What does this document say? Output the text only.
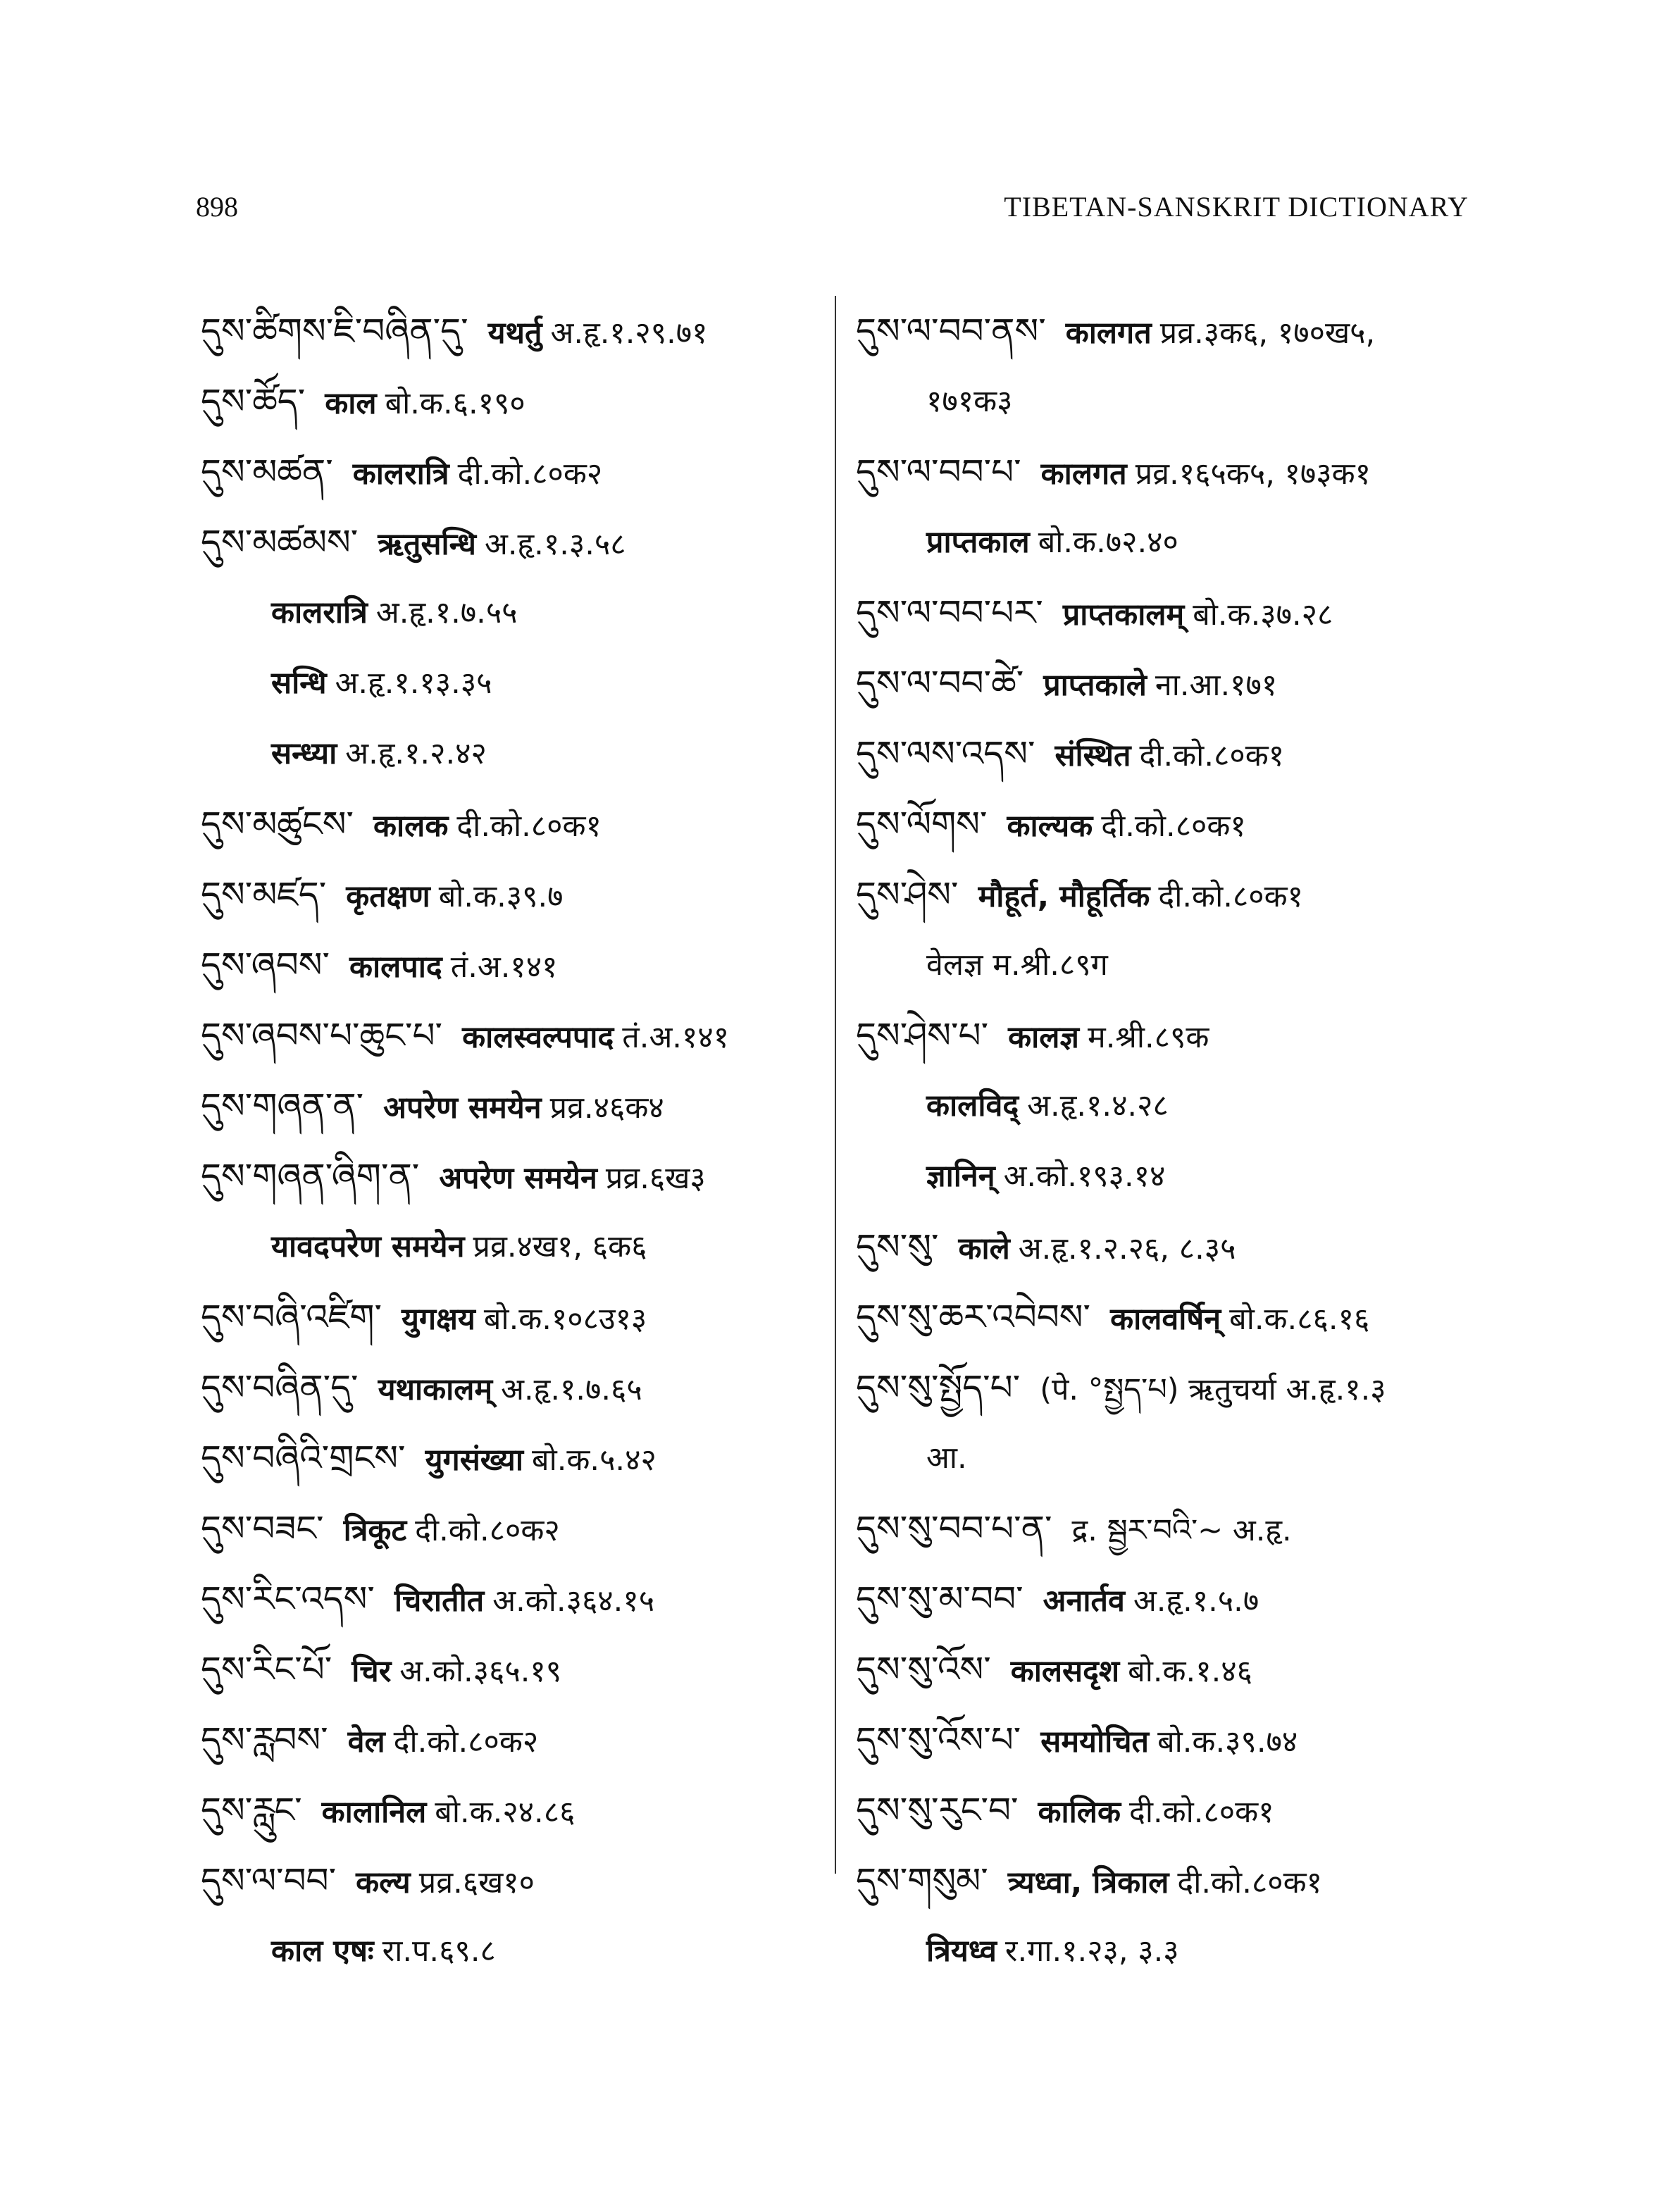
898	TIBETAN-SANSKRIT DICTIONARY
དུས་ཚིགས་ཇི་བཞིན་དུ་ यथर्तु अ.हृ.१.२९.७१
དུས་ཚོད་ काल बो.क.६.१९०
དུས་མཚན་ कालरात्रि दी.को.८०क२
དུས་མཚམས་ ऋतुसन्धि अ.हृ.१.३.५८
कालरात्रि अ.हृ.१.७.५५
सन्धि अ.हृ.१.१३.३५
सन्ध्या अ.हृ.१.२.४२
དུས་མཚུངས་ कालक दी.को.८०क१
དུས་མཛད་ कृतक्षण बो.क.३९.७
དུས་ཞབས་ कालपाद तं.अ.१४१
དུས་ཞབས་པ་ཆུང་པ་ कालस्वल्पपाद तं.अ.१४१
དུས་གཞན་ན་ अपरेण समयेन प्रव्र.४६क४
དུས་གཞན་ཞིག་ན་ अपरेण समयेन प्रव्र.६ख३
यावदपरेण समयेन प्रव्र.४ख१, ६क६
དུས་བཞི་འཛིག་ युगक्षय बो.क.१०८उ१३
དུས་བཞིན་དུ་ यथाकालम् अ.हृ.१.७.६५
དུས་བཞིའི་གྲངས་ युगसंख्या बो.क.५.४२
དུས་བཟང་ त्रिकूट दी.को.८०क२
དུས་རིང་འདས་ चिरातीत अ.को.३६४.१५
དུས་རིང་པོ་ चिर अ.को.३६५.१९
དུས་རླབས་ वेल दी.को.८०क२
དུས་རླུང་ कालानिल बो.क.२४.८६
དུས་ལ་བབ་ कल्य प्रव्र.६ख१०
काल एषः रा.प.६९.८
དུས་ལ་བབ་ནས་ कालगत प्रव्र.३क६, १७०ख५,
१७१क३
དུས་ལ་བབ་པ་ कालगत प्रव्र.१६५क५, १७३क१
प्राप्तकाल बो.क.७२.४०
དུས་ལ་བབ་པར་ प्राप्तकालम् बो.क.३७.२८
དུས་ལ་བབ་ཚེ་ प्राप्तकाले ना.आ.१७१
དུས་ལས་འདས་ संस्थित दी.को.८०क१
དུས་ལོགས་ काल्यक दी.को.८०क१
དུས་ཤེས་ मौहूर्त, मौहूर्तिक दी.को.८०क१
वेलज्ञ म.श्री.८९ग
དུས་ཤེས་པ་ कालज्ञ म.श्री.८९क
कालविद् अ.हृ.१.४.२८
ज्ञानिन् अ.को.१९३.१४
དུས་སུ་ काले अ.हृ.१.२.२६, ८.३५
དུས་སུ་ཆར་འབེབས་ कालवर्षिन् बो.क.८६.१६
དུས་སུ་སྤྱོད་པ་ (पे. °སྤྱད་པ) ऋतुचर्या अ.हृ.१.३
आ.
དུས་སུ་བབ་པ་ན་ द्र. སྦྱར་བའི་~ अ.हृ.
དུས་སུ་མ་བབ་ अनार्तव अ.हृ.१.५.७
དུས་སུ་འོས་ कालसदृश बो.क.१.४६
དུས་སུ་འོས་པ་ समयोचित बो.क.३९.७४
དུས་སུ་རུང་བ་ कालिक दी.को.८०क१
དུས་གསུམ་ त्र्यध्वा, त्रिकाल दी.को.८०क१
त्रियध्व र.गा.१.२३, ३.३
